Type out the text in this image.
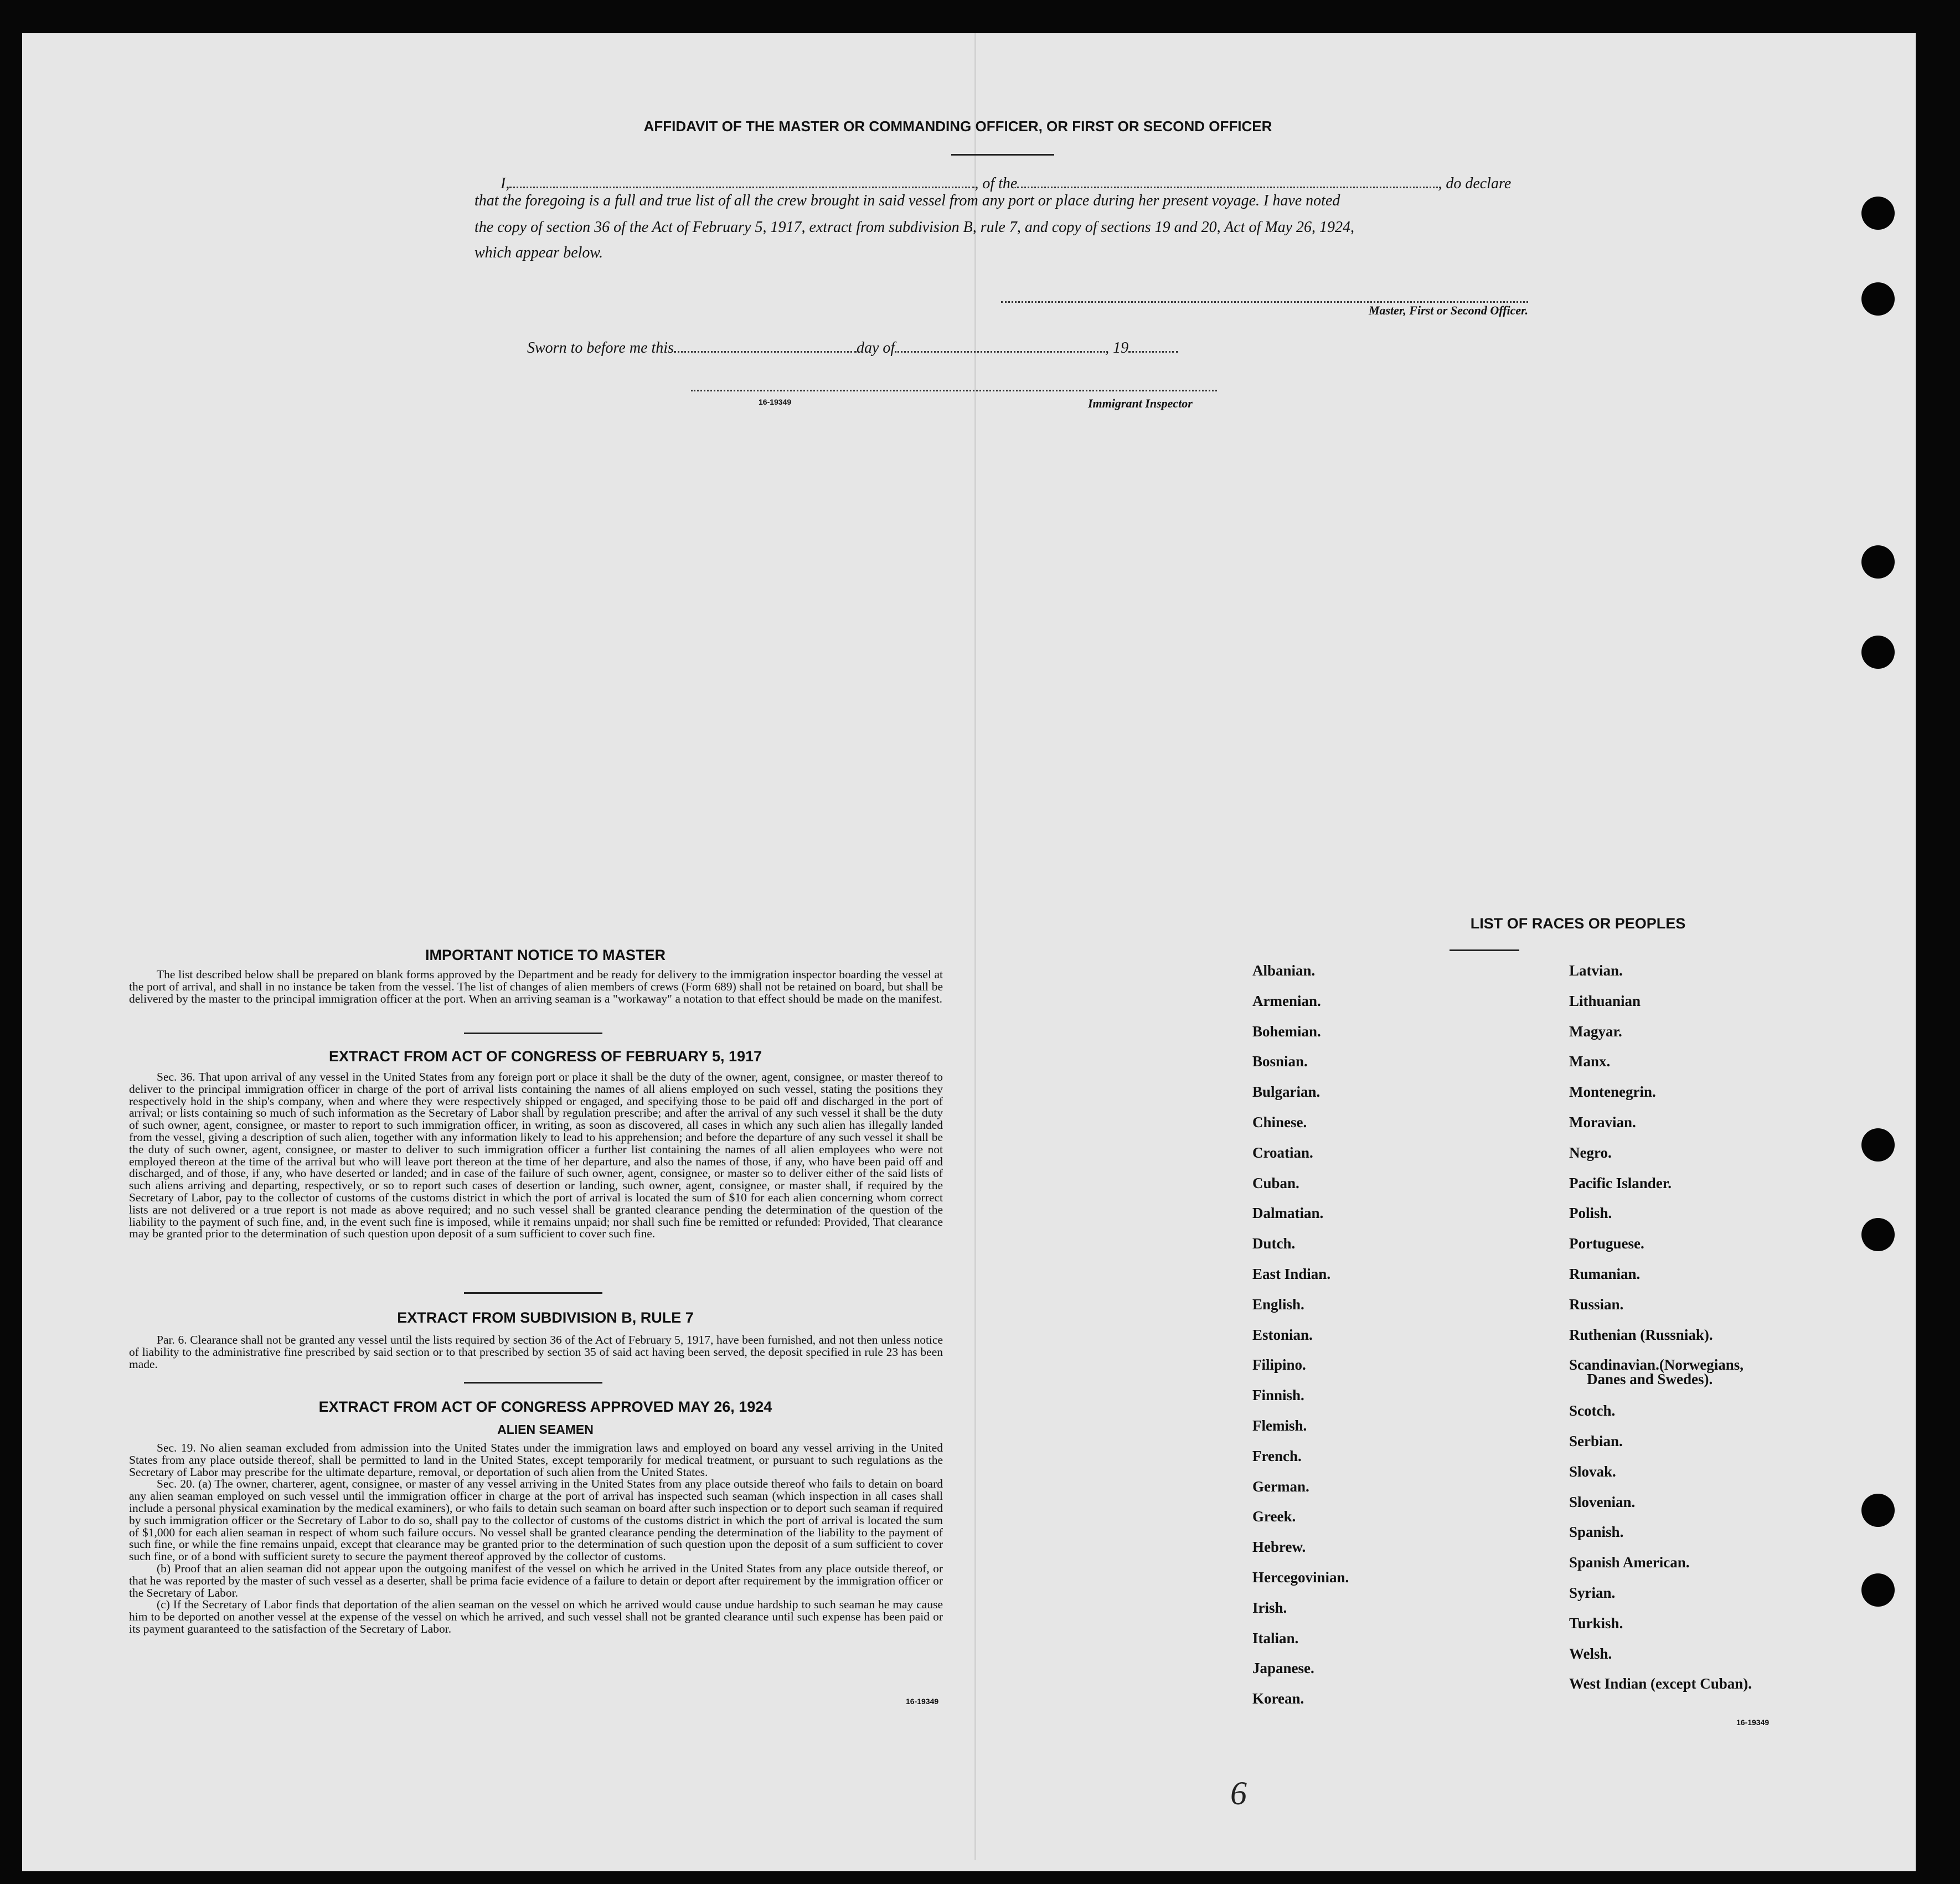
AFFIDAVIT OF THE MASTER OR COMMANDING OFFICER, OR FIRST OR SECOND OFFICER
I,	, of the	, do declare
that the foregoing is a full and true list of all the crew brought in said vessel from any port or place during her present voyage. I have noted
the copy of section 36 of the Act of February 5, 1917, extract from subdivision B, rule 7, and copy of sections 19 and 20, Act of May 26, 1924,
which appear below.
Master, First or Second Officer.
Sworn to before me this	day of	, 19
16-19349	Immigrant Inspector
IMPORTANT NOTICE TO MASTER

The list described below shall be prepared on blank forms approved by the Department and be ready for delivery to the immigration inspector boarding the vessel at the port of arrival, and shall in no instance be taken from the vessel. The list of changes of alien members of crews (Form 689) shall not be retained on board, but shall be delivered by the master to the principal immigration officer at the port. When an arriving seaman is a "workaway" a notation to that effect should be made on the manifest.

EXTRACT FROM ACT OF CONGRESS OF FEBRUARY 5, 1917

Sec. 36. That upon arrival of any vessel in the United States from any foreign port or place it shall be the duty of the owner, agent, consignee, or master thereof to deliver to the principal immigration officer in charge of the port of arrival lists containing the names of all aliens employed on such vessel, stating the positions they respectively hold in the ship's company, when and where they were respectively shipped or engaged, and specifying those to be paid off and discharged in the port of arrival; or lists containing so much of such information as the Secretary of Labor shall by regulation prescribe; and after the arrival of any such vessel it shall be the duty of such owner, agent, consignee, or master to report to such immigration officer, in writing, as soon as discovered, all cases in which any such alien has illegally landed from the vessel, giving a description of such alien, together with any information likely to lead to his apprehension; and before the departure of any such vessel it shall be the duty of such owner, agent, consignee, or master to deliver to such immigration officer a further list containing the names of all alien employees who were not employed thereon at the time of the arrival but who will leave port thereon at the time of her departure, and also the names of those, if any, who have been paid off and discharged, and of those, if any, who have deserted or landed; and in case of the failure of such owner, agent, consignee, or master so to deliver either of the said lists of such aliens arriving and departing, respectively, or so to report such cases of desertion or landing, such owner, agent, consignee, or master shall, if required by the Secretary of Labor, pay to the collector of customs of the customs district in which the port of arrival is located the sum of $10 for each alien concerning whom correct lists are not delivered or a true report is not made as above required; and no such vessel shall be granted clearance pending the determination of the question of the liability to the payment of such fine, and, in the event such fine is imposed, while it remains unpaid; nor shall such fine be remitted or refunded: Provided, That clearance may be granted prior to the determination of such question upon deposit of a sum sufficient to cover such fine.

EXTRACT FROM SUBDIVISION B, RULE 7

Par. 6. Clearance shall not be granted any vessel until the lists required by section 36 of the Act of February 5, 1917, have been furnished, and not then unless notice of liability to the administrative fine prescribed by said section or to that prescribed by section 35 of said act having been served, the deposit specified in rule 23 has been made.

EXTRACT FROM ACT OF CONGRESS APPROVED MAY 26, 1924
ALIEN SEAMEN

Sec. 19. No alien seaman excluded from admission into the United States under the immigration laws and employed on board any vessel arriving in the United States from any place outside thereof, shall be permitted to land in the United States, except temporarily for medical treatment, or pursuant to such regulations as the Secretary of Labor may prescribe for the ultimate departure, removal, or deportation of such alien from the United States.

Sec. 20. (a) The owner, charterer, agent, consignee, or master of any vessel arriving in the United States from any place outside thereof who fails to detain on board any alien seaman employed on such vessel until the immigration officer in charge at the port of arrival has inspected such seaman (which inspection in all cases shall include a personal physical examination by the medical examiners), or who fails to detain such seaman on board after such inspection or to deport such seaman if required by such immigration officer or the Secretary of Labor to do so, shall pay to the collector of customs of the customs district in which the port of arrival is located the sum of $1,000 for each alien seaman in respect of whom such failure occurs. No vessel shall be granted clearance pending the determination of the liability to the payment of such fine, or while the fine remains unpaid, except that clearance may be granted prior to the determination of such question upon the deposit of a sum sufficient to cover such fine, or of a bond with sufficient surety to secure the payment thereof approved by the collector of customs.

(b) Proof that an alien seaman did not appear upon the outgoing manifest of the vessel on which he arrived in the United States from any place outside thereof, or that he was reported by the master of such vessel as a deserter, shall be prima facie evidence of a failure to detain or deport after requirement by the immigration officer or the Secretary of Labor.

(c) If the Secretary of Labor finds that deportation of the alien seaman on the vessel on which he arrived would cause undue hardship to such seaman he may cause him to be deported on another vessel at the expense of the vessel on which he arrived, and such vessel shall not be granted clearance until such expense has been paid or its payment guaranteed to the satisfaction of the Secretary of Labor.

16-19349
LIST OF RACES OR PEOPLES
Albanian.
Armenian.
Bohemian.
Bosnian.
Bulgarian.
Chinese.
Croatian.
Cuban.
Dalmatian.
Dutch.
East Indian.
English.
Estonian.
Filipino.
Finnish.
Flemish.
French.
German.
Greek.
Hebrew.
Hercegovinian.
Irish.
Italian.
Japanese.
Korean.
Latvian.
Lithuanian
Magyar.
Manx.
Montenegrin.
Moravian.
Negro.
Pacific Islander.
Polish.
Portuguese.
Rumanian.
Russian.
Ruthenian (Russniak).
Scandinavian.(Norwegians,
Danes and Swedes).
Scotch.
Serbian.
Slovak.
Slovenian.
Spanish.
Spanish American.
Syrian.
Turkish.
Welsh.
West Indian (except Cuban).
16-19349
6
